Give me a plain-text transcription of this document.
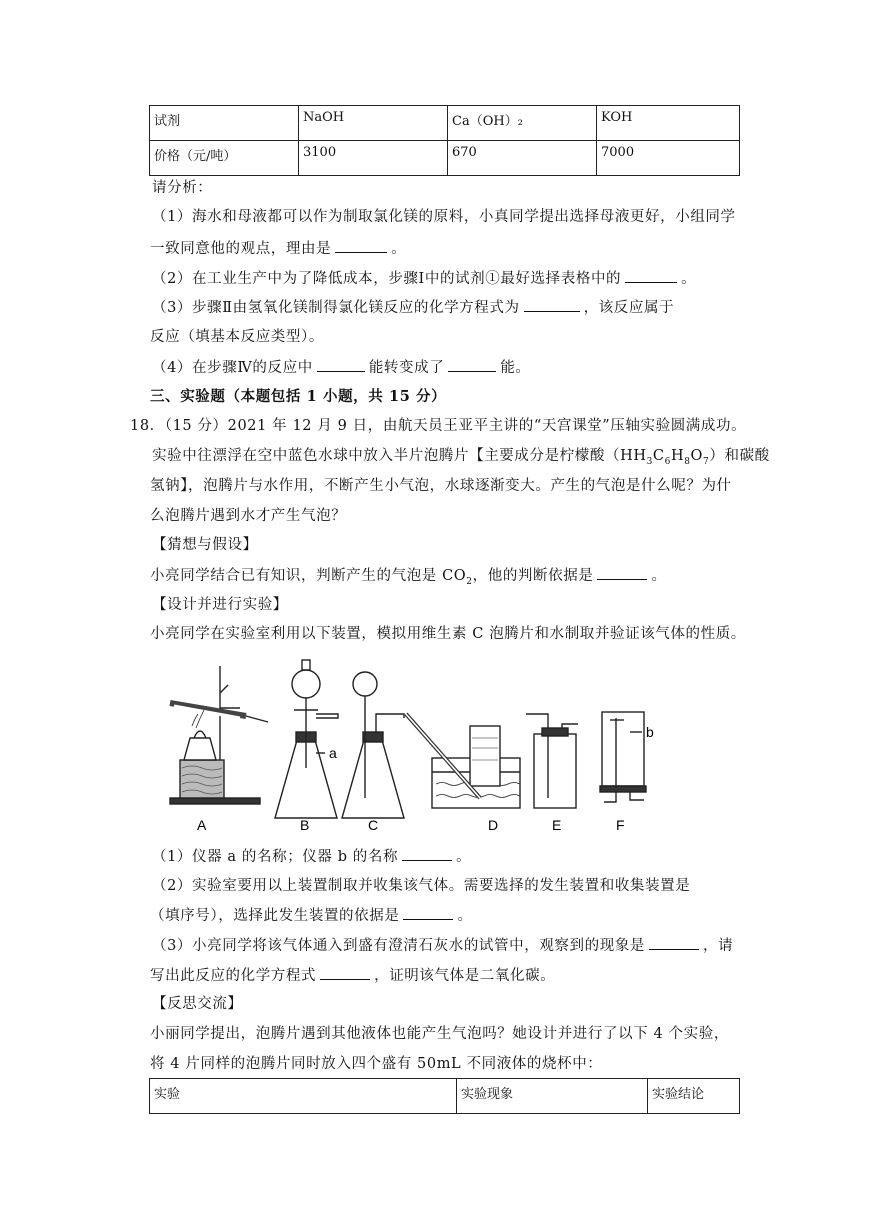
试剂	NaOH	Ca（OH）₂	KOH
价格（元/吨）	3100	670	7000
请分析：
（1）海水和母液都可以作为制取氯化镁的原料，小真同学提出选择母液更好，小组同学
一致同意他的观点，理由是	。
（2）在工业生产中为了降低成本，步骤Ⅰ中的试剂①最好选择表格中的	。
（3）步骤Ⅱ由氢氧化镁制得氯化镁反应的化学方程式为	，该反应属于
反应（填基本反应类型）。
（4）在步骤Ⅳ的反应中	能转变成了	能。
三、实验题（本题包括 1 小题，共 15 分）
18．（15 分）2021 年 12 月 9 日，由航天员王亚平主讲的“天宫课堂”压轴实验圆满成功。
实验中往漂浮在空中蓝色水球中放入半片泡腾片【主要成分是柠檬酸$(HH_3C_6H_8O_7)$和碳酸
氢钠】，泡腾片与水作用，不断产生小气泡，水球逐渐变大。产生的气泡是什么呢？为什
么泡腾片遇到水才产生气泡？
【猜想与假设】
小亮同学结合已有知识，判断产生的气泡是 $CO_2$，他的判断依据是	。
【设计并进行实验】
小亮同学在实验室利用以下装置，模拟用维生素 C 泡腾片和水制取并验证该气体的性质。
a
b
A	B	C	D	E	F
（1）仪器 a 的名称；仪器 b 的名称	。
（2）实验室要用以上装置制取并收集该气体。需要选择的发生装置和收集装置是
（填序号），选择此发生装置的依据是	。
（3）小亮同学将该气体通入到盛有澄清石灰水的试管中，观察到的现象是	，请
写出此反应的化学方程式	，证明该气体是二氧化碳。
【反思交流】
小丽同学提出，泡腾片遇到其他液体也能产生气泡吗？她设计并进行了以下 4 个实验，
将 4 片同样的泡腾片同时放入四个盛有 50mL 不同液体的烧杯中：
实验	实验现象	实验结论
